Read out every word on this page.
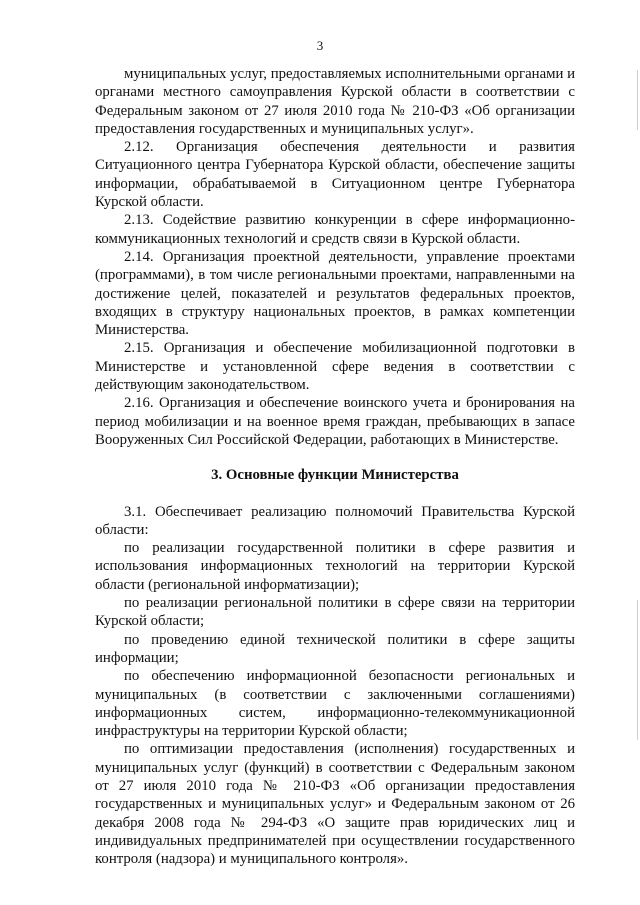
3
муниципальных услуг, предоставляемых исполнительными органами и
органами местного самоуправления Курской области в соответствии с
Федеральным законом от 27 июля 2010 года № 210-ФЗ «Об организации
предоставления государственных и муниципальных услуг».
2.12. Организация обеспечения деятельности и развития
Ситуационного центра Губернатора Курской области, обеспечение защиты
информации, обрабатываемой в Ситуационном центре Губернатора
Курской области.
2.13. Содействие развитию конкуренции в сфере информационно-
коммуникационных технологий и средств связи в Курской области.
2.14. Организация проектной деятельности, управление проектами
(программами), в том числе региональными проектами, направленными на
достижение целей, показателей и результатов федеральных проектов,
входящих в структуру национальных проектов, в рамках компетенции
Министерства.
2.15. Организация и обеспечение мобилизационной подготовки в
Министерстве и установленной сфере ведения в соответствии с
действующим законодательством.
2.16. Организация и обеспечение воинского учета и бронирования на
период мобилизации и на военное время граждан, пребывающих в запасе
Вооруженных Сил Российской Федерации, работающих в Министерстве.
3. Основные функции Министерства
3.1. Обеспечивает реализацию полномочий Правительства Курской
области:
по реализации государственной политики в сфере развития и
использования информационных технологий на территории Курской
области (региональной информатизации);
по реализации региональной политики в сфере связи на территории
Курской области;
по проведению единой технической политики в сфере защиты
информации;
по обеспечению информационной безопасности региональных и
муниципальных (в соответствии с заключенными соглашениями)
информационных систем, информационно-телекоммуникационной
инфраструктуры на территории Курской области;
по оптимизации предоставления (исполнения) государственных и
муниципальных услуг (функций) в соответствии с Федеральным законом
от 27 июля 2010 года № 210-ФЗ «Об организации предоставления
государственных и муниципальных услуг» и Федеральным законом от 26
декабря 2008 года № 294-ФЗ «О защите прав юридических лиц и
индивидуальных предпринимателей при осуществлении государственного
контроля (надзора) и муниципального контроля».
